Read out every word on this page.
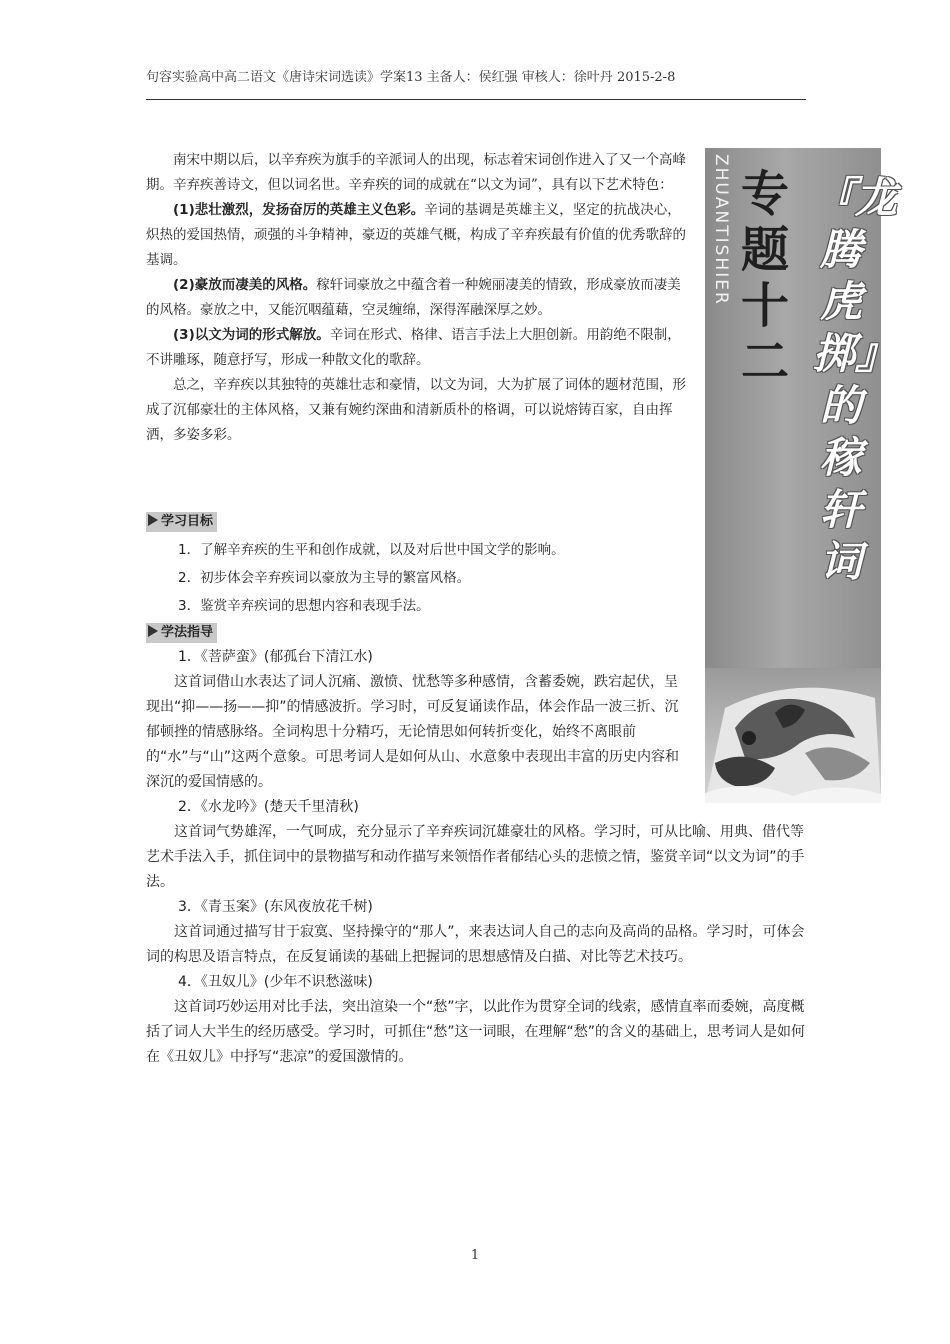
句容实验高中高二语文《唐诗宋词选读》学案13 主备人：侯红强 审核人：徐叶丹 2015-2-8

南宋中期以后，以辛弃疾为旗手的辛派词人的出现，标志着宋词创作进入了又一个高峰期。辛弃疾善诗文，但以词名世。辛弃疾的词的成就在“以文为词”，具有以下艺术特色：

(1)悲壮激烈，发扬奋厉的英雄主义色彩。辛词的基调是英雄主义，坚定的抗战决心，炽热的爱国热情，顽强的斗争精神，豪迈的英雄气概，构成了辛弃疾最有价值的优秀歌辞的基调。

(2)豪放而凄美的风格。稼轩词豪放之中蕴含着一种婉丽凄美的情致，形成豪放而凄美的风格。豪放之中，又能沉咽蕴藉，空灵缠绵，深得浑融深厚之妙。

(3)以文为词的形式解放。辛词在形式、格律、语言手法上大胆创新。用韵绝不限制，不讲雕琢，随意抒写，形成一种散文化的歌辞。

总之，辛弃疾以其独特的英雄壮志和豪情，以文为词，大为扩展了词体的题材范围，形成了沉郁豪壮的主体风格，又兼有婉约深曲和清新质朴的格调，可以说熔铸百家，自由挥洒，多姿多彩。

ZHUANTISHIER 专题十二
『龙腾虎掷』的稼轩词
学习目标
1．了解辛弃疾的生平和创作成就，以及对后世中国文学的影响。
2．初步体会辛弃疾词以豪放为主导的繁富风格。
3．鉴赏辛弃疾词的思想内容和表现手法。
学法指导

1．《菩萨蛮》(郁孤台下清江水)

这首词借山水表达了词人沉痛、激愤、忧愁等多种感情，含蓄委婉，跌宕起伏，呈现出“抑——扬——抑”的情感波折。学习时，可反复诵读作品，体会作品一波三折、沉郁顿挫的情感脉络。全词构思十分精巧，无论情思如何转折变化，始终不离眼前的“水”与“山”这两个意象。可思考词人是如何从山、水意象中表现出丰富的历史内容和深沉的爱国情感的。

2．《水龙吟》(楚天千里清秋)

这首词气势雄浑，一气呵成，充分显示了辛弃疾词沉雄豪壮的风格。学习时，可从比喻、用典、借代等艺术手法入手，抓住词中的景物描写和动作描写来领悟作者郁结心头的悲愤之情，鉴赏辛词“以文为词”的手法。

3．《青玉案》(东风夜放花千树)

这首词通过描写甘于寂寞、坚持操守的“那人”，来表达词人自己的志向及高尚的品格。学习时，可体会词的构思及语言特点，在反复诵读的基础上把握词的思想感情及白描、对比等艺术技巧。

4．《丑奴儿》(少年不识愁滋味)

这首词巧妙运用对比手法，突出渲染一个“愁”字，以此作为贯穿全词的线索，感情直率而委婉，高度概括了词人大半生的经历感受。学习时，可抓住“愁”这一词眼，在理解“愁”的含义的基础上，思考词人是如何在《丑奴儿》中抒写“悲凉”的爱国激情的。

1
